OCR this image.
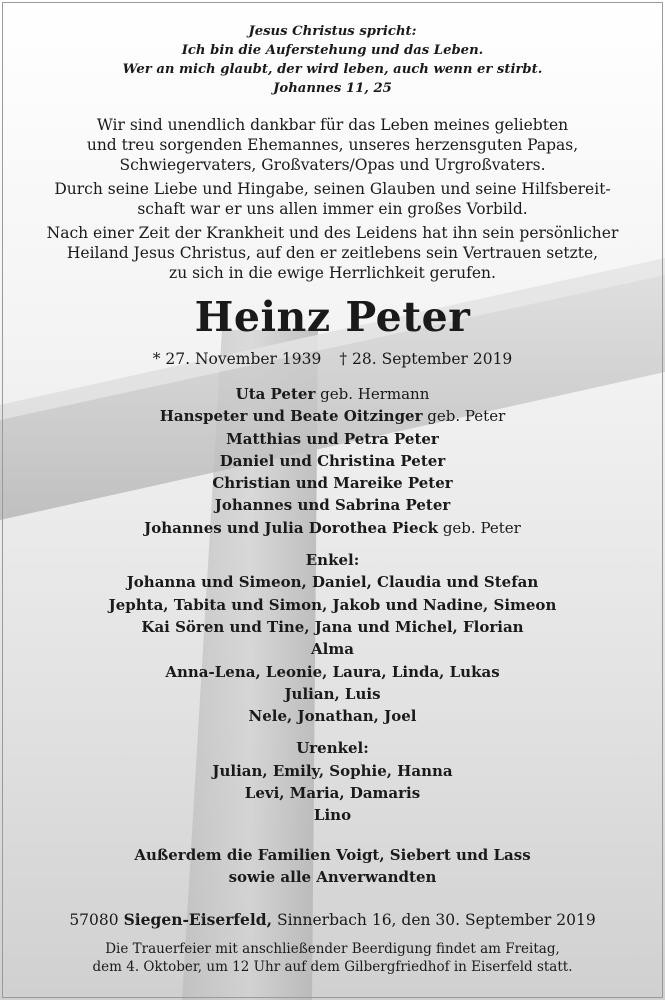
Jesus Christus spricht:
Ich bin die Auferstehung und das Leben.
Wer an mich glaubt, der wird leben, auch wenn er stirbt.
Johannes 11, 25
Wir sind unendlich dankbar für das Leben meines geliebten
und treu sorgenden Ehemannes, unseres herzensguten Papas,
Schwiegervaters, Großvaters/Opas und Urgroßvaters.
Durch seine Liebe und Hingabe, seinen Glauben und seine Hilfsbereit-
schaft war er uns allen immer ein großes Vorbild.
Nach einer Zeit der Krankheit und des Leidens hat ihn sein persönlicher
Heiland Jesus Christus, auf den er zeitlebens sein Vertrauen setzte,
zu sich in die ewige Herrlichkeit gerufen.
Heinz Peter
* 27. November 1939 † 28. September 2019
Uta Peter geb. Hermann
Hanspeter und Beate Oitzinger geb. Peter
Matthias und Petra Peter
Daniel und Christina Peter
Christian und Mareike Peter
Johannes und Sabrina Peter
Johannes und Julia Dorothea Pieck geb. Peter
Enkel:
Johanna und Simeon, Daniel, Claudia und Stefan
Jephta, Tabita und Simon, Jakob und Nadine, Simeon
Kai Sören und Tine, Jana und Michel, Florian
Alma
Anna-Lena, Leonie, Laura, Linda, Lukas
Julian, Luis
Nele, Jonathan, Joel
Urenkel:
Julian, Emily, Sophie, Hanna
Levi, Maria, Damaris
Lino
Außerdem die Familien Voigt, Siebert und Lass
sowie alle Anverwandten
57080 Siegen-Eiserfeld, Sinnerbach 16, den 30. September 2019
Die Trauerfeier mit anschließender Beerdigung findet am Freitag,
dem 4. Oktober, um 12 Uhr auf dem Gilbergfriedhof in Eiserfeld statt.
